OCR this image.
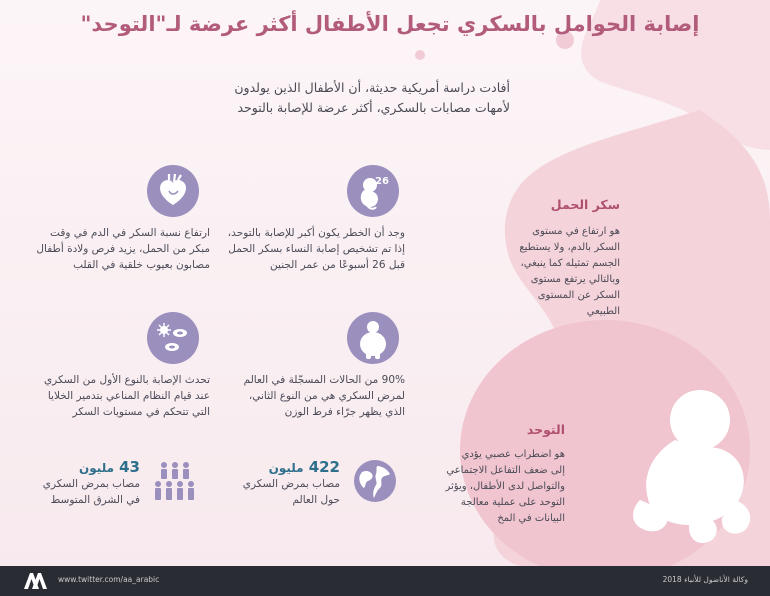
إصابة الحوامل بالسكري تجعل الأطفال أكثر عرضة لـ"التوحد"
أفادت دراسة أمريكية حديثة، أن الأطفال الذين يولدون
لأمهات مصابات بالسكري، أكثر عرضة للإصابة بالتوحد
26
وجد أن الخطر يكون أكبر للإصابة بالتوحد،
إذا تم تشخيص إصابة النساء بسكر الحمل
قبل 26 أسبوعًا من عمر الجنين
ارتفاع نسبة السكر في الدم في وقت
مبكر من الحمل، يزيد فرص ولادة أطفال
مصابون بعيوب خلقية في القلب
90% من الحالات المسجّلة في العالم
لمرض السكري هي من النوع الثاني،
الذي يظهر جرّاء فرط الوزن
تحدث الإصابة بالنوع الأول من السكري
عند قيام النظام المناعي بتدمير الخلايا
التي تتحكم في مستويات السكر
422 مليون
مصاب بمرض السكري
حول العالم
43 مليون
مصاب بمرض السكري
في الشرق المتوسط
سكر الحمل
هو ارتفاع في مستوى
السكر بالدم، ولا يستطيع
الجسم تمثيله كما ينبغي،
وبالتالي يرتفع مستوى
السكر عن المستوى
الطبيعي
التوحد
هو اضطراب عصبي يؤدي
إلى ضعف التفاعل الاجتماعي
والتواصل لدى الأطفال، ويؤثر
التوحد على عملية معالجة
البيانات في المخ
www.twitter.com/aa_arabic	وكالة الأناضول للأنباء 2018
